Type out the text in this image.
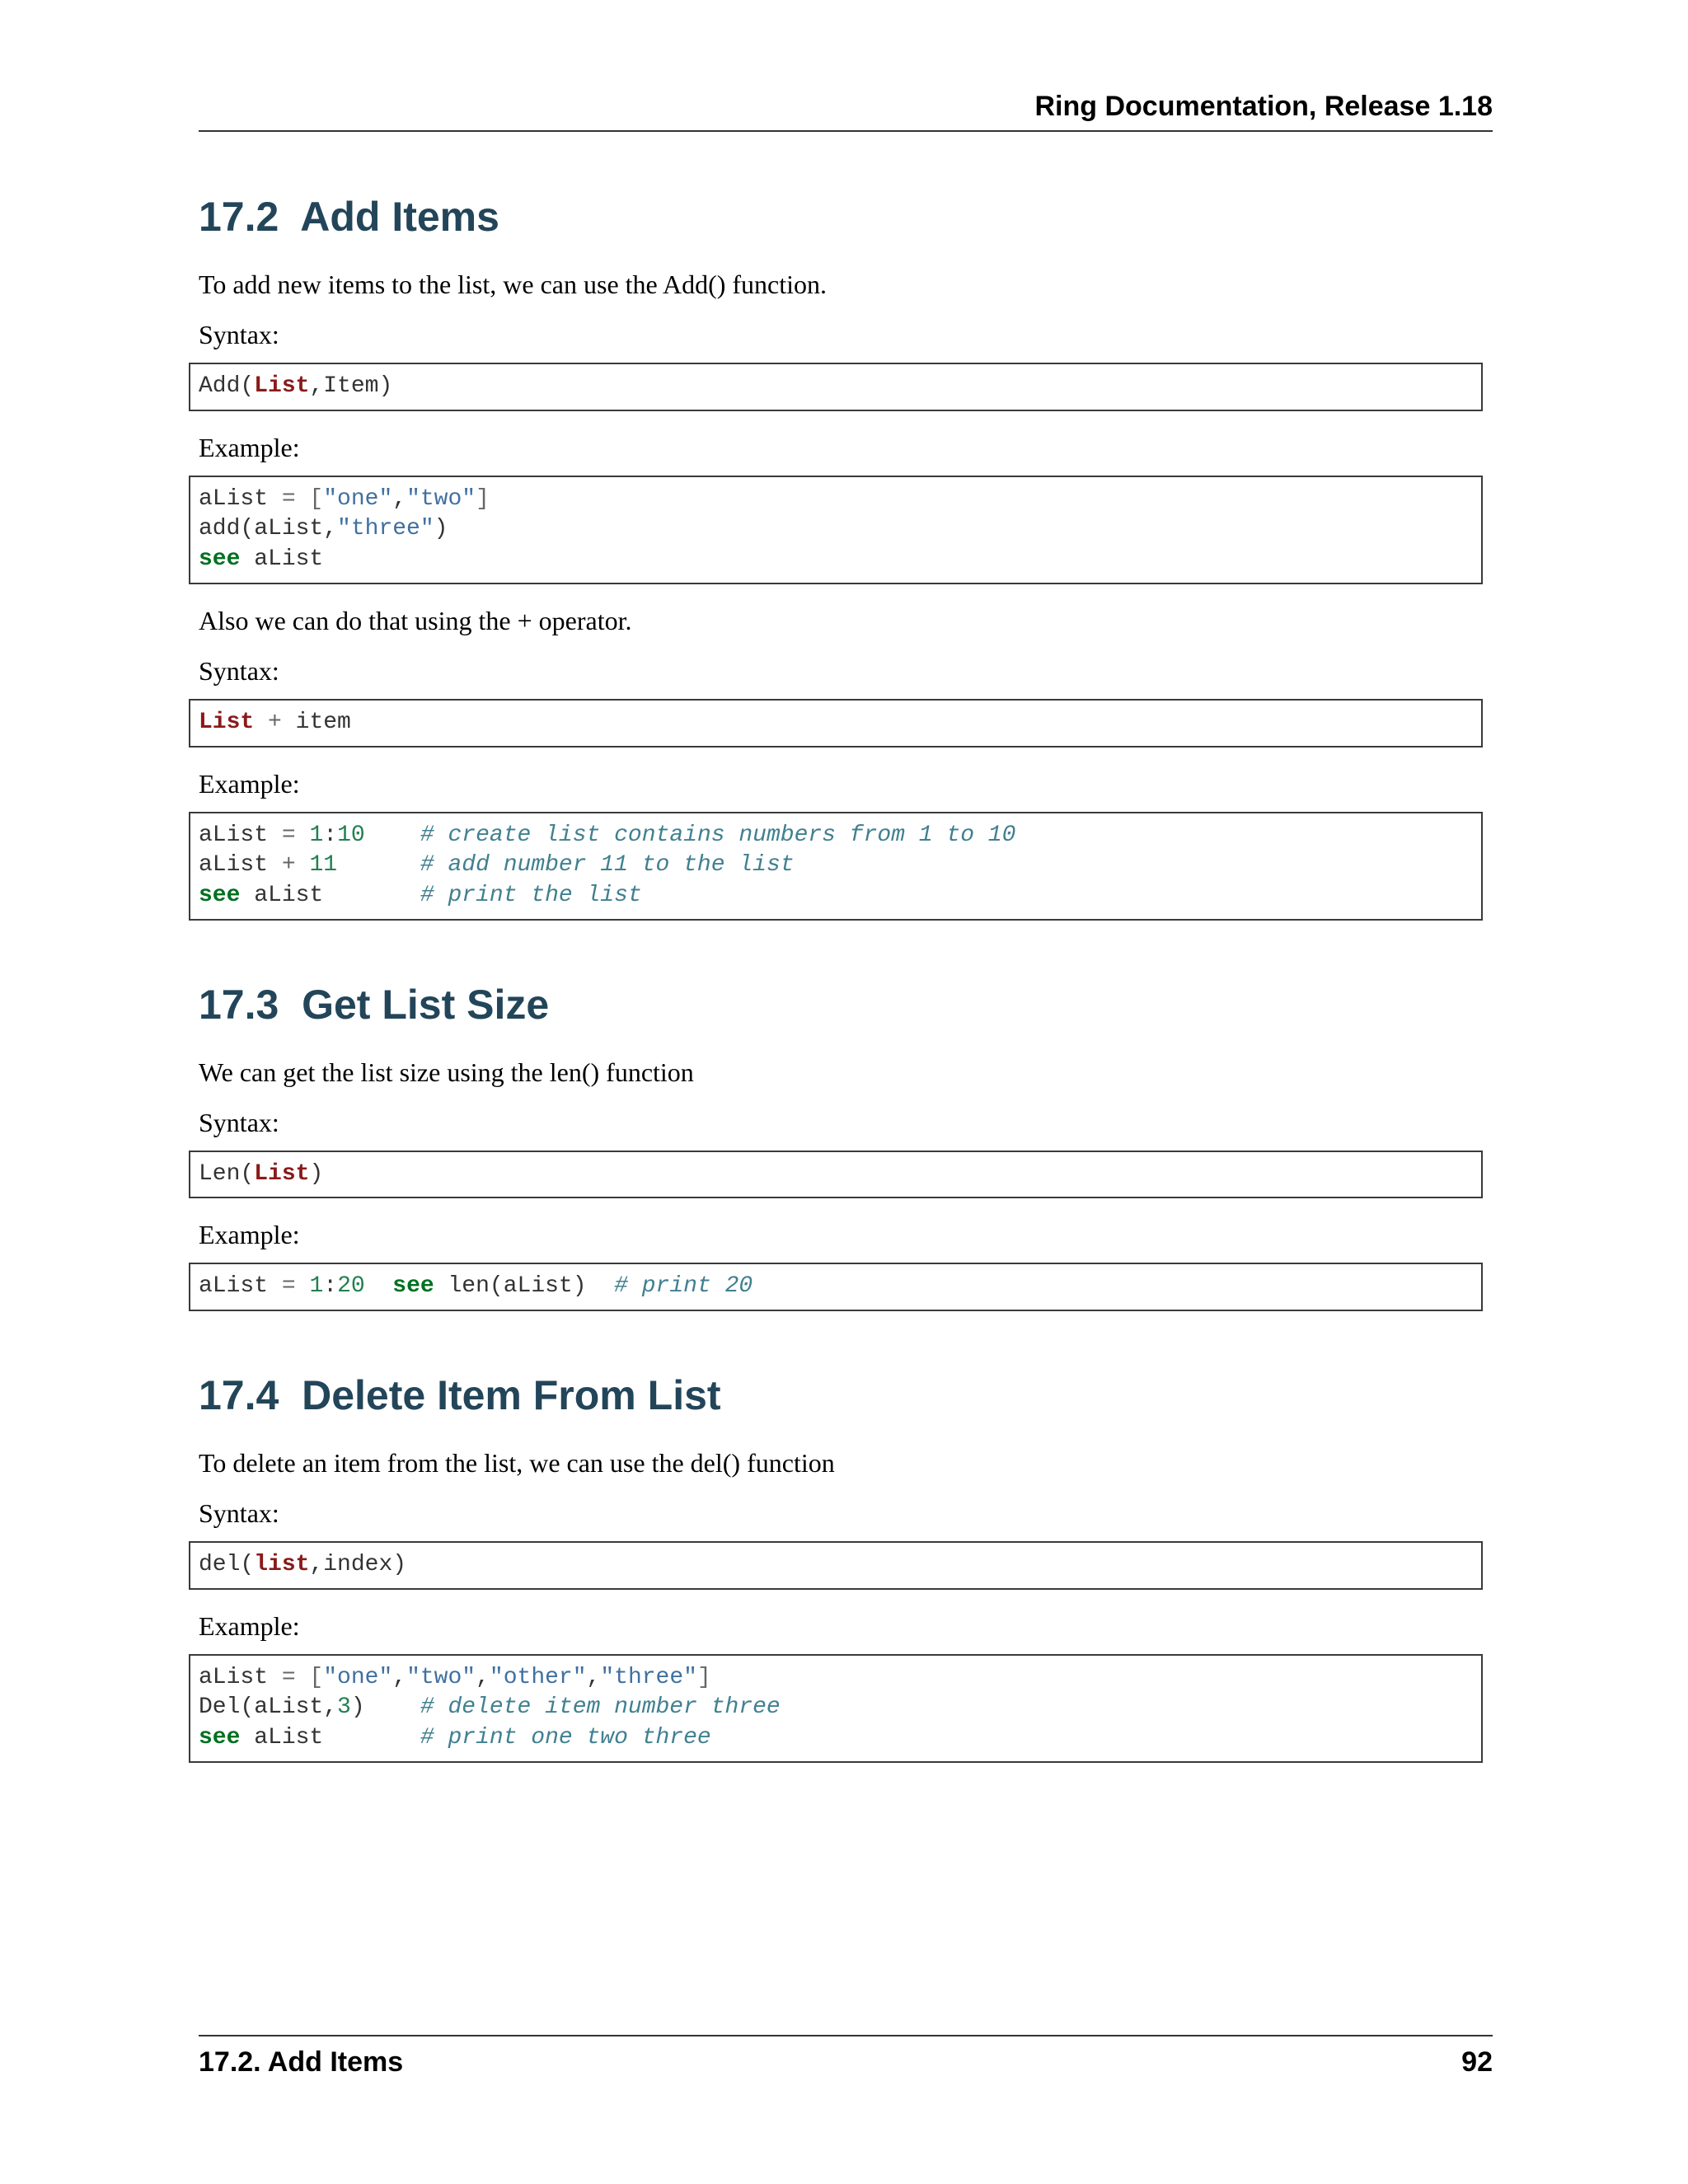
Ring Documentation, Release 1.18
17.2  Add Items

To add new items to the list, we can use the Add() function.

Syntax:

Add(List,Item)

Example:

aList = ["one","two"]
add(aList,"three")
see aList

Also we can do that using the + operator.

Syntax:

List + item

Example:

aList = 1:10 # create list contains numbers from 1 to 10
aList + 11	# add number 11 to the list
see aList       # print the list
17.3  Get List Size

We can get the list size using the len() function

Syntax:

Len(List)

Example:

aList = 1:20 see len(aList)  # print 20
17.4  Delete Item From List

To delete an item from the list, we can use the del() function

Syntax:

del(list,index)

Example:

aList = ["one","two","other","three"]
Del(aList,3)    # delete item number three
see aList       # print one two three
17.2. Add Items	92
